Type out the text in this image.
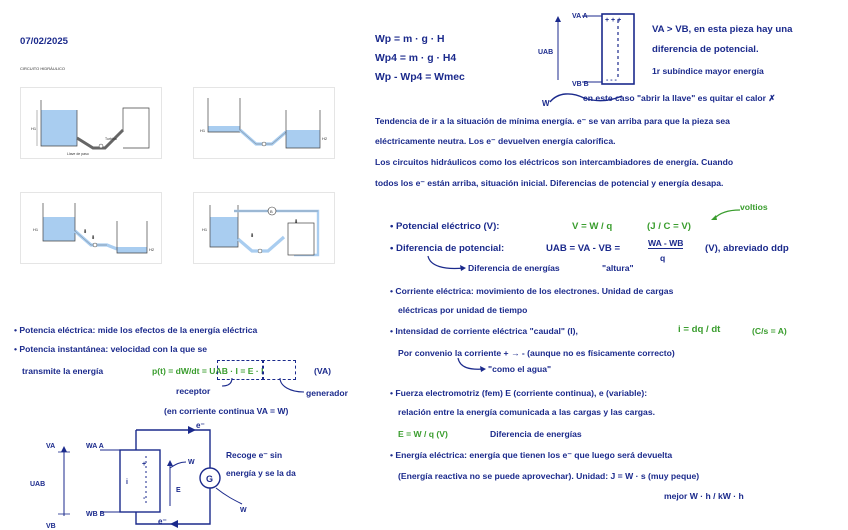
07/02/2025
CIRCUITO HIDRÁULICO
H1
Turbina
Llave de paso
H1
H2
⬇
⬇
H1
H2
B
⬇
⬇
H1
Wp = m · g · H
Wp4 = m · g · H4
Wp - Wp4 = Wmec
+ + +
- - -
VA A
VB B
UAB
W
VA > VB, en esta pieza hay una
diferencia de potencial.
1r subíndice mayor energía
en este caso "abrir la llave" es quitar el calor ✗
Tendencia de ir a la situación de mínima energía. e⁻ se van arriba para que la pieza sea
eléctricamente neutra. Los e⁻ devuelven energía calorífica.
Los circuitos hidráulicos como los eléctricos son intercambiadores de energía. Cuando
todos los e⁻ están arriba, situación inicial. Diferencias de potencial y energía desapa.
voltios
• Potencial eléctrico (V):	V = W / q	(J / C = V)
• Diferencia de potencial:	UAB = VA - VB =	WA - WB
q
(V), abreviado ddp
Diferencia de energías	"altura"
• Corriente eléctrica: movimiento de los electrones. Unidad de cargas
eléctricas por unidad de tiempo
• Intensidad de corriente eléctrica "caudal" (I),	i = dq / dt	(C/s = A)
Por convenio la corriente + → - (aunque no es físicamente correcto)
"como el agua"
• Fuerza electromotriz (fem) E (corriente continua), e (variable):
relación entre la energía comunicada a las cargas y las cargas.
E = W / q (V)	Diferencia de energías
• Energía eléctrica: energía que tienen los e⁻ que luego será devuelta
(Energía reactiva no se puede aprovechar). Unidad: J = W · s (muy peque)
mejor W · h / kW · h
• Potencia eléctrica: mide los efectos de la energía eléctrica
• Potencia instantánea: velocidad con la que se
transmite la energía	p(t) = dW/dt = UAB · I = E · I	(VA)
receptor	generador
(en corriente continua VA = W)
VA
VB
UAB
WA A
WB B
e⁻
e⁻
i
+
-
E
W
W
G
Recoge e⁻ sin
energía y se la da
